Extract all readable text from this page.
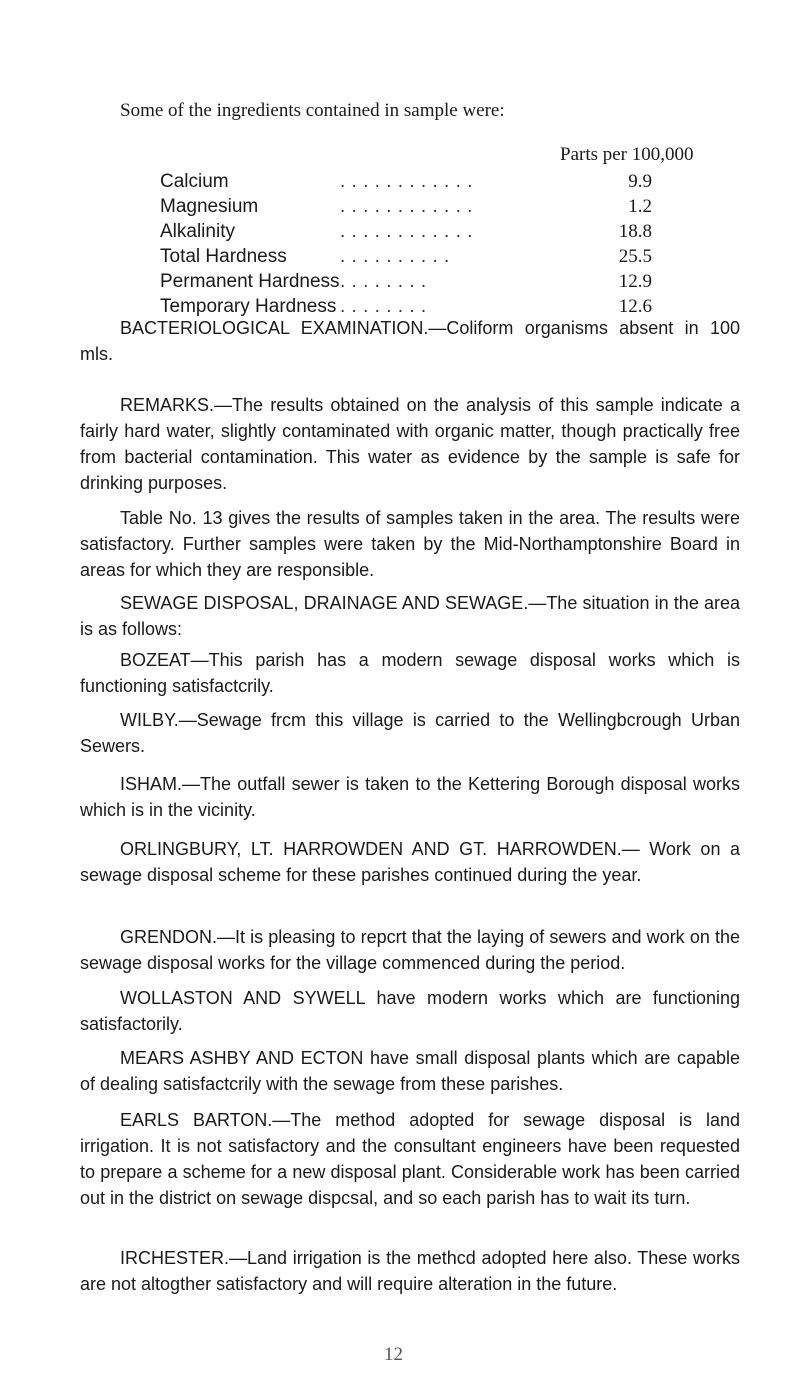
Some of the ingredients contained in sample were:
Parts per 100,000
Calcium	. . . . . . . . . . . .	9.9
Magnesium	. . . . . . . . . . . .	1.2
Alkalinity	. . . . . . . . . . . .	18.8
Total Hardness	. . . . . . . . . .	25.5
Permanent Hardness . . . . . . . .	12.9
Temporary Hardness . . . . . . . .	12.6

BACTERIOLOGICAL EXAMINATION.—Coliform organisms absent in 100 mls.

REMARKS.—The results obtained on the analysis of this sample indicate a fairly hard water, slightly contaminated with organic matter, though practically free from bacterial contamination. This water as evidence by the sample is safe for drinking purposes.

Table No. 13 gives the results of samples taken in the area. The results were satisfactory. Further samples were taken by the Mid-Northamptonshire Board in areas for which they are responsible.

SEWAGE DISPOSAL, DRAINAGE AND SEWAGE.—The situation in the area is as follows:

BOZEAT—This parish has a modern sewage disposal works which is functioning satisfactcrily.

WILBY.—Sewage frcm this village is carried to the Wellingbcrough Urban Sewers.

ISHAM.—The outfall sewer is taken to the Kettering Borough disposal works which is in the vicinity.

ORLINGBURY, LT. HARROWDEN AND GT. HARROWDEN.— Work on a sewage disposal scheme for these parishes continued during the year.

GRENDON.—It is pleasing to repcrt that the laying of sewers and work on the sewage disposal works for the village commenced during the period.

WOLLASTON AND SYWELL have modern works which are functioning satisfactorily.

MEARS ASHBY AND ECTON have small disposal plants which are capable of dealing satisfactcrily with the sewage from these parishes.

EARLS BARTON.—The method adopted for sewage disposal is land irrigation. It is not satisfactory and the consultant engineers have been requested to prepare a scheme for a new disposal plant. Considerable work has been carried out in the district on sewage dispcsal, and so each parish has to wait its turn.

IRCHESTER.—Land irrigation is the methcd adopted here also. These works are not altogther satisfactory and will require alteration in the future.

12
